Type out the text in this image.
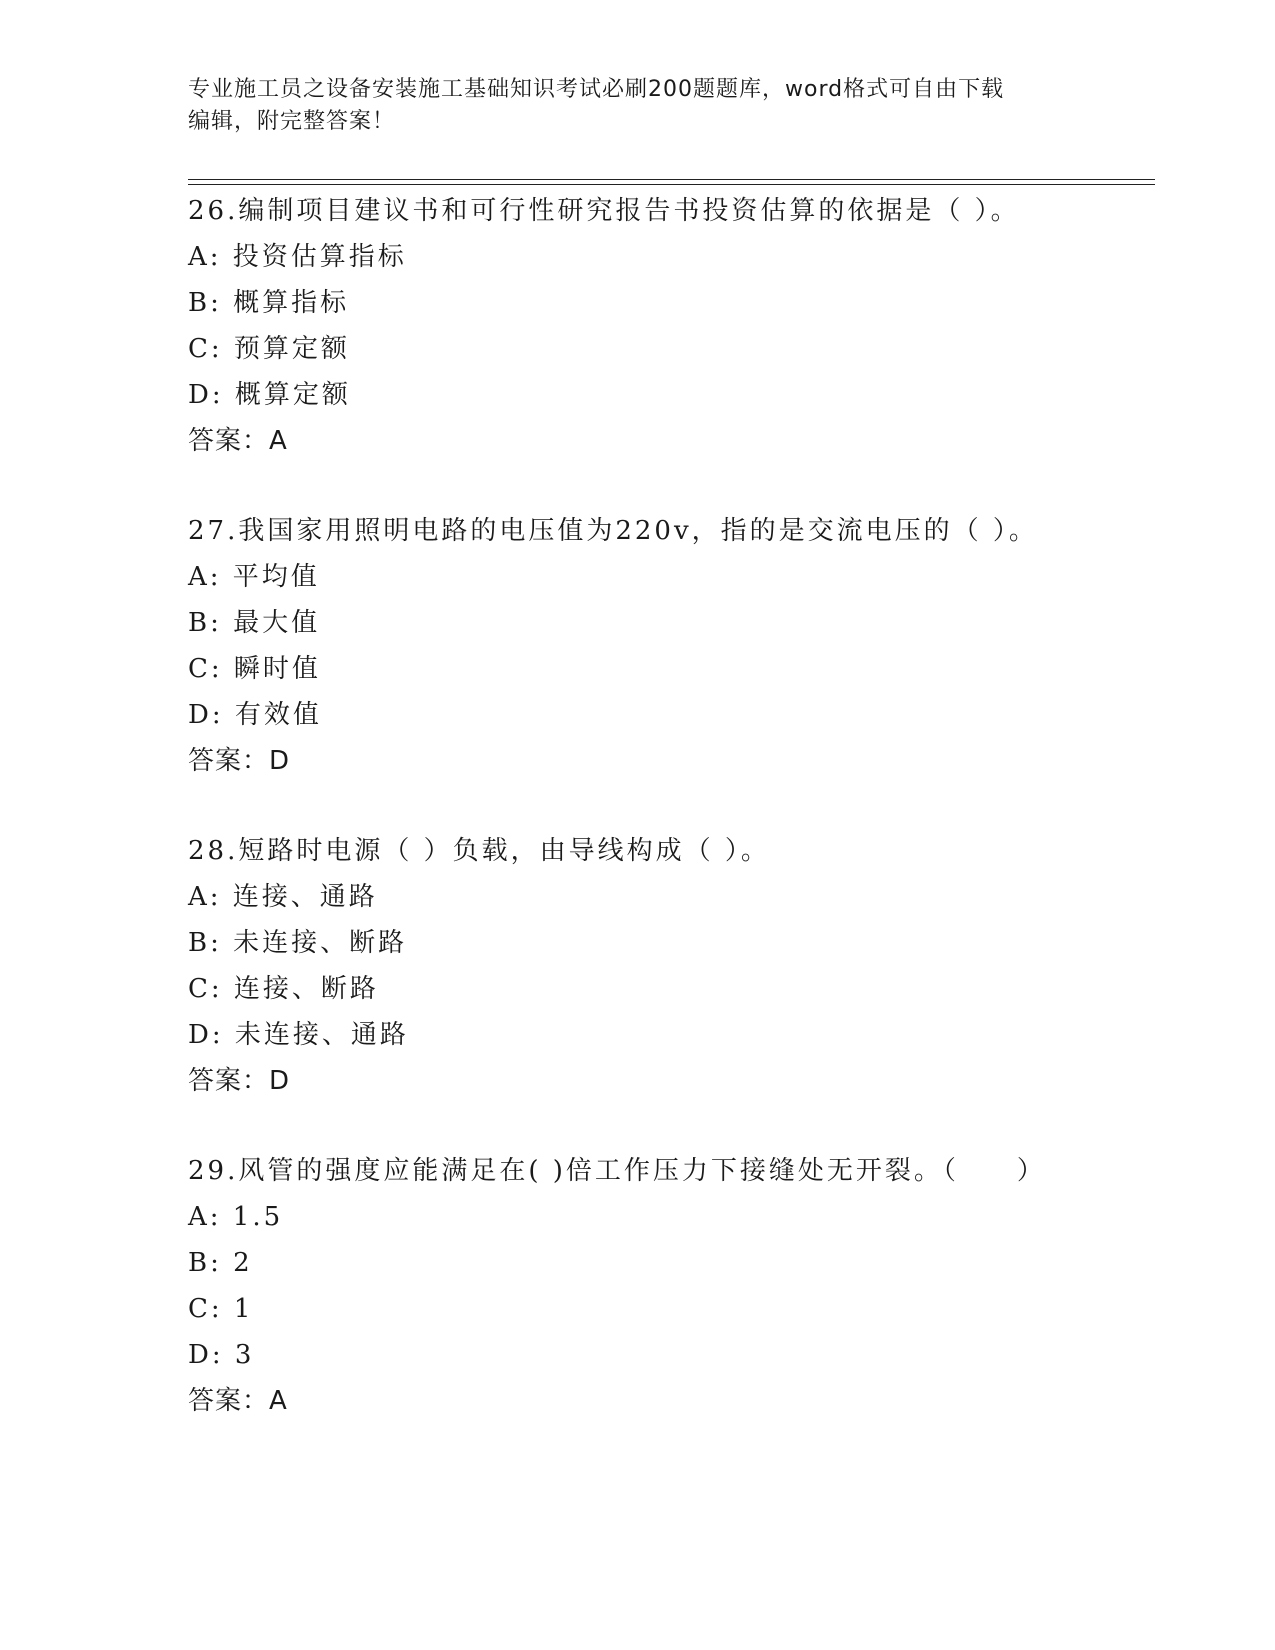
专业施工员之设备安装施工基础知识考试必刷200题题库，word格式可自由下载
编辑，附完整答案！
26.编制项目建议书和可行性研究报告书投资估算的依据是（ ）。
A: 投资估算指标
B: 概算指标
C: 预算定额
D: 概算定额
答案：A
27.我国家用照明电路的电压值为220v，指的是交流电压的（ ）。
A: 平均值
B: 最大值
C: 瞬时值
D: 有效值
答案：D
28.短路时电源（ ）负载，由导线构成（ ）。
A: 连接、通路
B: 未连接、断路
C: 连接、断路
D: 未连接、通路
答案：D
29.风管的强度应能满足在( )倍工作压力下接缝处无开裂。（　　）
A: 1.5
B: 2
C: 1
D: 3
答案：A
